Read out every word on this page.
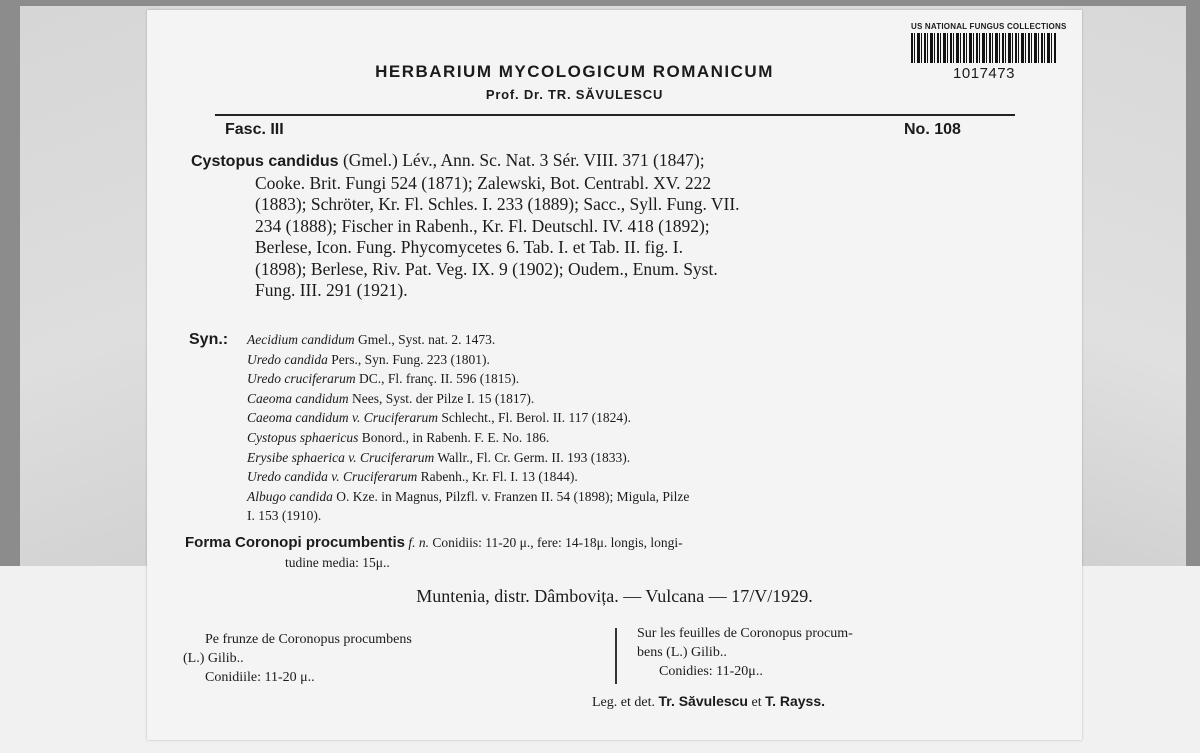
US NATIONAL FUNGUS COLLECTIONS
1017473
HERBARIUM MYCOLOGICUM ROMANICUM
Prof. Dr. TR. SĂVULESCU
Fasc. III	No. 108
Cystopus candidus (Gmel.) Lév., Ann. Sc. Nat. 3 Sér. VIII. 371 (1847);
Cooke. Brit. Fungi 524 (1871); Zalewski, Bot. Centrabl. XV. 222
(1883); Schröter, Kr. Fl. Schles. I. 233 (1889); Sacc., Syll. Fung. VII.
234 (1888); Fischer in Rabenh., Kr. Fl. Deutschl. IV. 418 (1892);
Berlese, Icon. Fung. Phycomycetes 6. Tab. I. et Tab. II. fig. I.
(1898); Berlese, Riv. Pat. Veg. IX. 9 (1902); Oudem., Enum. Syst.
Fung. III. 291 (1921).
Syn.: Aecidium candidum Gmel., Syst. nat. 2. 1473.
Uredo candida Pers., Syn. Fung. 223 (1801).
Uredo cruciferarum DC., Fl. franç. II. 596 (1815).
Caeoma candidum Nees, Syst. der Pilze I. 15 (1817).
Caeoma candidum v. Cruciferarum Schlecht., Fl. Berol. II. 117 (1824).
Cystopus sphaericus Bonord., in Rabenh. F. E. No. 186.
Erysibe sphaerica v. Cruciferarum Wallr., Fl. Cr. Germ. II. 193 (1833).
Uredo candida v. Cruciferarum Rabenh., Kr. Fl. I. 13 (1844).
Albugo candida O. Kze. in Magnus, Pilzfl. v. Franzen II. 54 (1898); Migula, Pilze
I. 153 (1910).
Forma Coronopi procumbentis f. n. Conidiis: 11-20 μ., fere: 14-18μ. longis, longi-
tudine media: 15μ..
Muntenia, distr. Dâmbovița. — Vulcana — 17/V/1929.
Pe frunze de Coronopus procumbens
(L.) Gilib..
Conidiile: 11-20 μ..
Sur les feuilles de Coronopus procum-
bens (L.) Gilib..
Conidies: 11-20μ..
Leg. et det. Tr. Săvulescu et T. Rayss.
